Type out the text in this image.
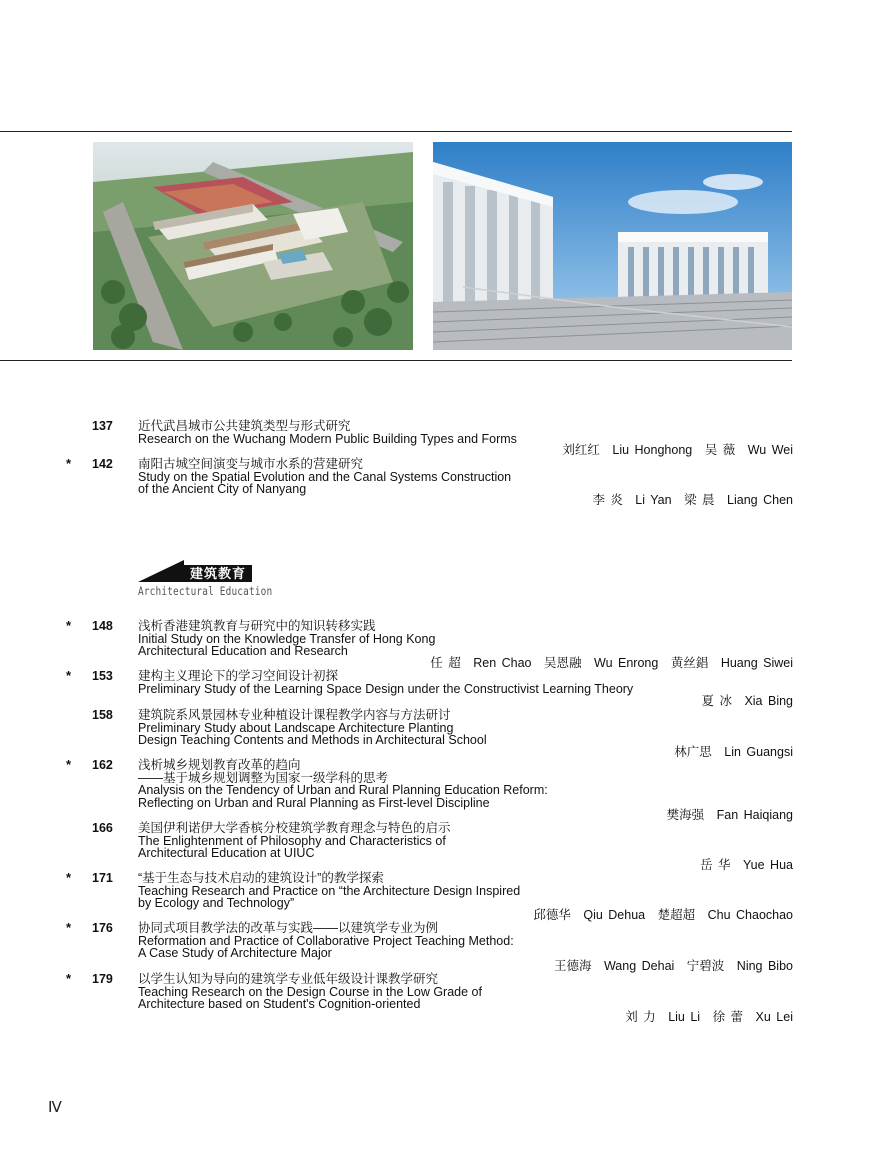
137	近代武昌城市公共建筑类型与形式研究
Research on the Wuchang Modern Public Building Types and Forms
刘红红　Liu Honghong　吴 薇　Wu Wei
*	142	南阳古城空间演变与城市水系的营建研究
Study on the Spatial Evolution and the Canal Systems Construction
of the Ancient City of Nanyang
李 炎　Li Yan　梁 晨　Liang Chen
建筑教育
Architectural Education
*	148	浅析香港建筑教育与研究中的知识转移实践
Initial Study on the Knowledge Transfer of Hong Kong
Architectural Education and Research
任 超　Ren Chao　吴恩融　Wu Enrong　黄丝錩　Huang Siwei
*	153	建构主义理论下的学习空间设计初探
Preliminary Study of the Learning Space Design under the Constructivist Learning Theory
夏 冰　Xia Bing
158	建筑院系风景园林专业种植设计课程教学内容与方法研讨
Preliminary Study about Landscape Architecture Planting
Design Teaching Contents and Methods in Architectural School
林广思　Lin Guangsi
*	162	浅析城乡规划教育改革的趋向
——基于城乡规划调整为国家一级学科的思考
Analysis on the Tendency of Urban and Rural Planning Education Reform:
Reflecting on Urban and Rural Planning as First-level Discipline
樊海强　Fan Haiqiang
166	美国伊利诺伊大学香槟分校建筑学教育理念与特色的启示
The Enlightenment of Philosophy and Characteristics of
Architectural Education at UIUC
岳 华　Yue Hua
*	171	“基于生态与技术启动的建筑设计”的教学探索
Teaching Research and Practice on “the Architecture Design Inspired
by Ecology and Technology”
邱德华　Qiu Dehua　楚超超　Chu Chaochao
*	176	协同式项目教学法的改革与实践——以建筑学专业为例
Reformation and Practice of Collaborative Project Teaching Method:
A Case Study of Architecture Major
王德海　Wang Dehai　宁碧波　Ning Bibo
*	179	以学生认知为导向的建筑学专业低年级设计课教学研究
Teaching Research on the Design Course in the Low Grade of
Architecture based on Student's Cognition-oriented
刘 力　Liu Li　徐 蕾　Xu Lei
Ⅳ
